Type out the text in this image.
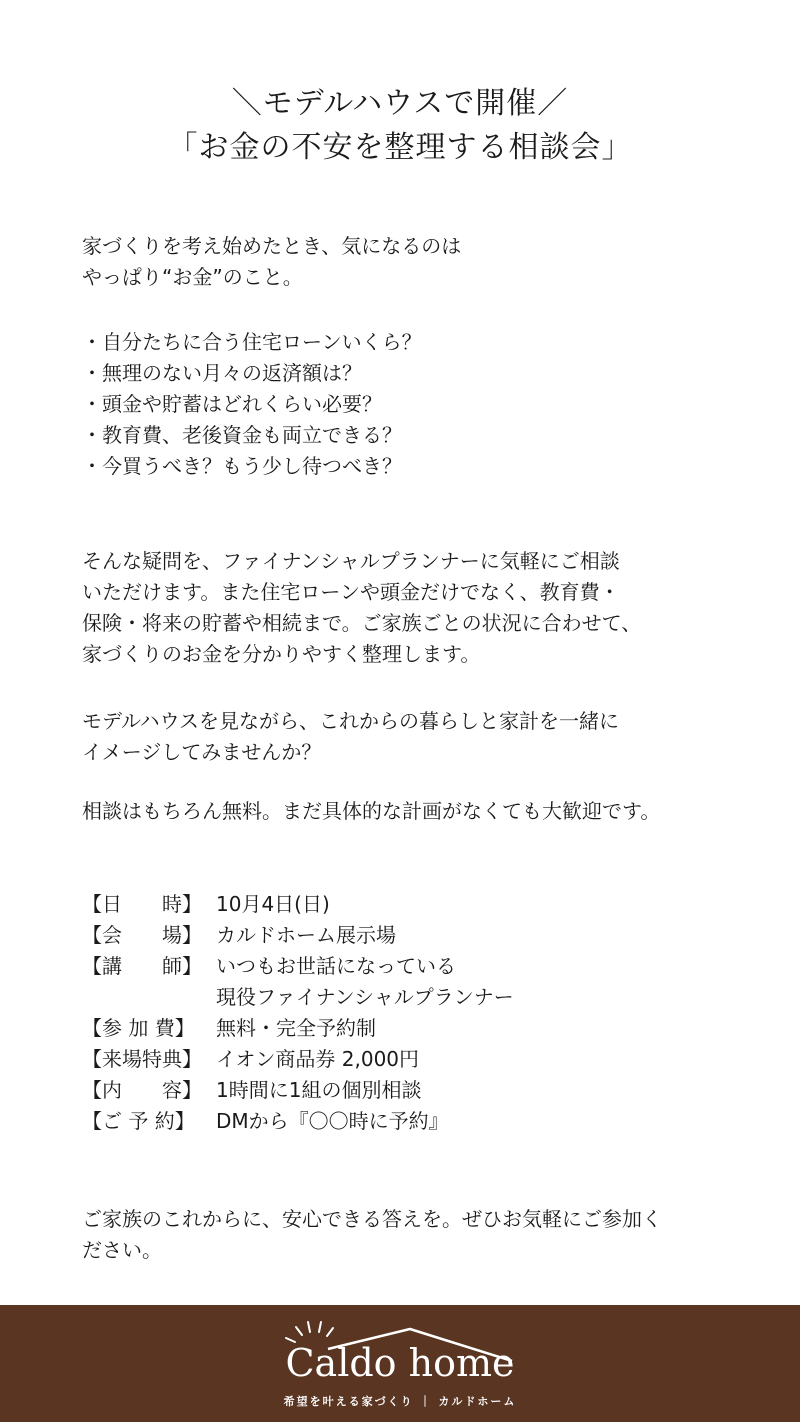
＼モデルハウスで開催／
「お金の不安を整理する相談会」
家づくりを考え始めたとき、気になるのは
やっぱり“お金”のこと。
・自分たちに合う住宅ローンいくら？
・無理のない月々の返済額は？
・頭金や貯蓄はどれくらい必要？
・教育費、老後資金も両立できる？
・今買うべき？もう少し待つべき？
そんな疑問を、ファイナンシャルプランナーに気軽にご相談
いただけます。また住宅ローンや頭金だけでなく、教育費・
保険・将来の貯蓄や相続まで。ご家族ごとの状況に合わせて、
家づくりのお金を分かりやすく整理します。
モデルハウスを見ながら、これからの暮らしと家計を一緒に
イメージしてみませんか？
相談はもちろん無料。まだ具体的な計画がなくても大歓迎です。
【日　　時】 10月4日(日)
【会　　場】 カルドホーム展示場
【講　　師】 いつもお世話になっている
現役ファイナンシャルプランナー
【参 加 費】	無料・完全予約制
【来場特典】 イオン商品券 2,000円
【内　　容】 1時間に1組の個別相談
【ご 予 約】	DMから『〇〇時に予約』
ご家族のこれからに、安心できる答えを。ぜひお気軽にご参加く
ださい。
Caldo home
希望を叶える家づくり ｜ カルドホーム
